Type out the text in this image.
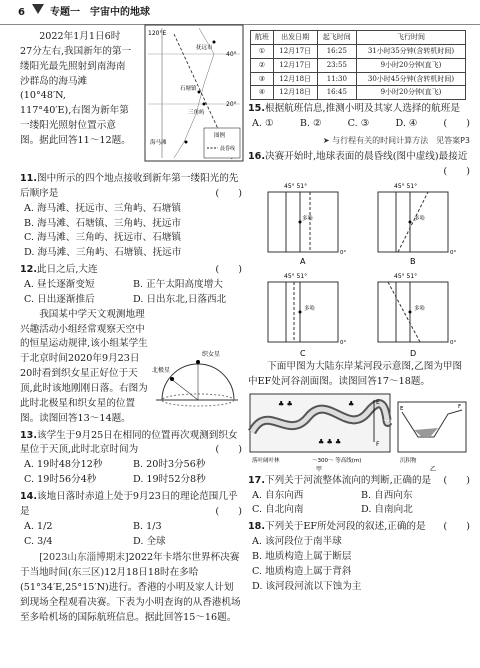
6	专题一　宇宙中的地球
2022年1月1日6时
27分左右,我国新年的第一
缕阳光最先照射到南海南
沙群岛的海马滩(10°48′N,
117°40′E),右图为新年第
一缕阳光照射位置示意
图。据此回答11～12题。
120°E
40°
20°
抚远市
石塘镇
三角屿
海马滩
图例
晨昏线
11.图中所示的四个地点接收到新年第一缕阳光的先后顺序是	(　　)
A. 海马滩、抚远市、三角屿、石塘镇
B. 海马滩、石塘镇、三角屿、抚远市
C. 海马滩、三角屿、抚远市、石塘镇
D. 海马滩、三角屿、石塘镇、抚远市
12.此日之后,大连	(　　)
A. 昼长逐渐变短	B. 正午太阳高度增大
C. 日出逐渐推后	D. 日出东北,日落西北
织女星
北极星
我国某中学天文观测地理兴趣活动小组经常观察天空中的恒星运动规律,该小组某学生于北京时间2020年9月23日20时看到织女星正好位于天顶,此时该地刚刚日落。右图为此时北极星和织女星的位置图。读图回答13～14题。
13.该学生于9月25日在相同的位置再次观测到织女星位于天顶,此时北京时间为	(　　)
A. 19时48分12秒	B. 20时3分56秒
C. 19时56分4秒	D. 19时52分8秒
14.该地日落时赤道上处于9月23日的理论范围几乎是	(　　)
A. 1/2	B. 1/3
C. 3/4	D. 全球
[2023山东淄博期末]2022年卡塔尔世界杯决赛于当地时间(东三区)12月18日18时在多哈(51°34′E,25°15′N)进行。香港的小明及家人计划到现场全程观看决赛。下表为小明查询的从香港机场至多哈机场的国际航班信息。据此回答15～16题。
航班	出发日期	起飞时间	飞行时间
①	12月17日	16:25	31小时35分钟(含转机时间)
②	12月17日	23:55	9小时20分钟(直飞)
③	12月18日	11:30	30小时45分钟(含转机时间)
④	12月18日	16:45	9小时20分钟(直飞)
15.根据航班信息,推测小明及其家人选择的航班是
(　　)
A. ①	B. ②	C. ③	D. ④
➤ 与行程有关的时间计算方法　见答案P3
16.决赛开始时,地球表面的晨昏线(图中虚线)最接近
(　　)
45° 51°
多哈
0°
A
45° 51°
多哈
0°
B
45° 51°
多哈
0°
C
45° 51°
多哈
0°
D
下面甲图为大陆东岸某河段示意图,乙图为甲图中EF处河谷剖面图。读图回答17～18题。
♣ ♣
♣ ♣ ♣
♣	E
F
落叶阔叶林	～300～ 等高线(m)
甲
E	F
沉积物
乙
17.下列关于河流整体流向的判断,正确的是 (　　)
A. 自东向西	B. 自西向东
C. 自北向南	D. 自南向北
18.下列关于EF所处河段的叙述,正确的是 (　　)
A. 该河段位于南半球
B. 地质构造上属于断层
C. 地质构造上属于背斜
D. 该河段河流以下蚀为主
